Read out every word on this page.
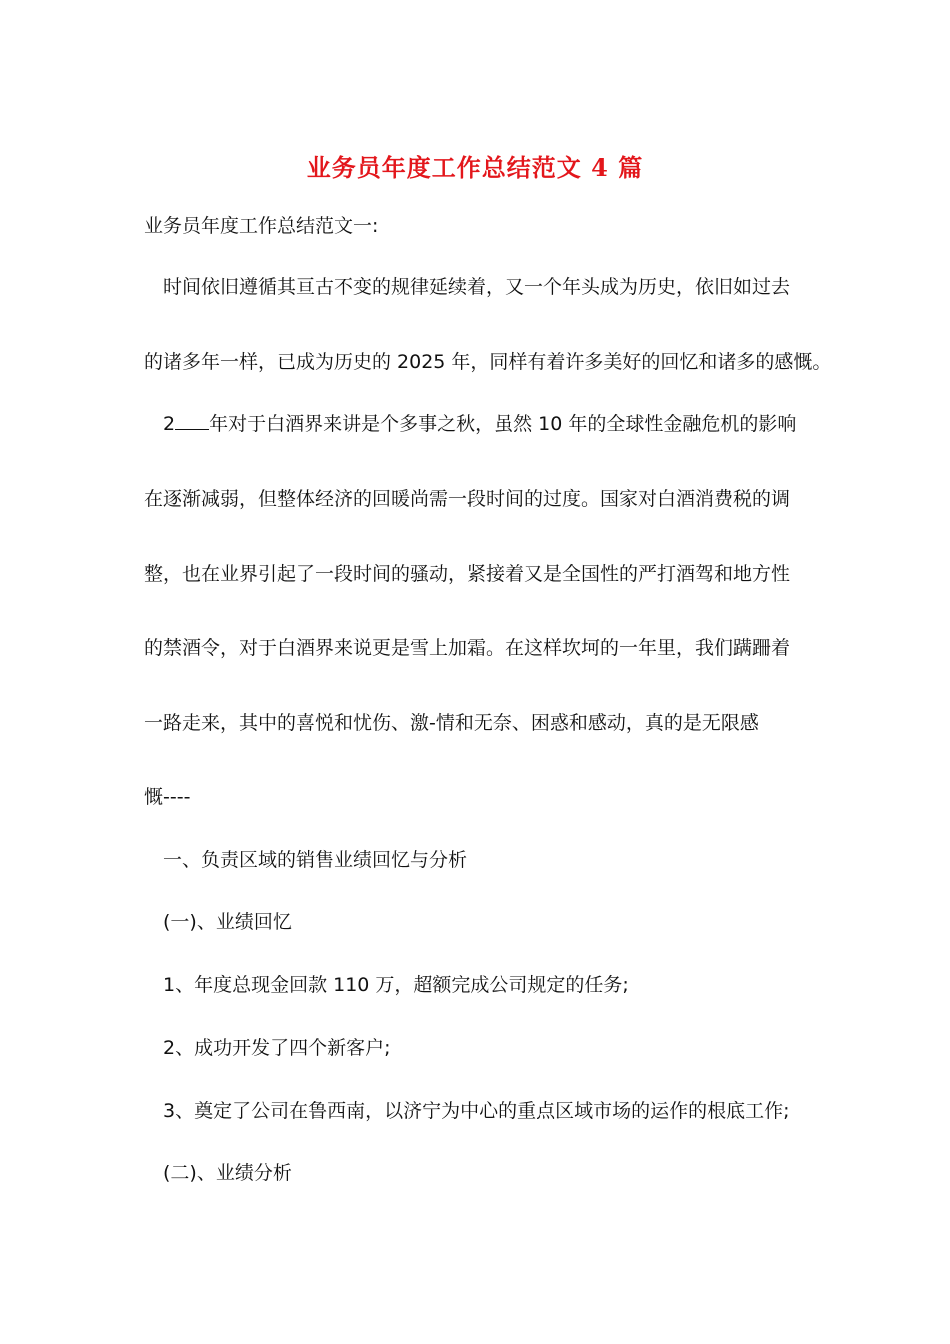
业务员年度工作总结范文 4 篇
业务员年度工作总结范文一:
时间依旧遵循其亘古不变的规律延续着，又一个年头成为历史，依旧如过去
的诸多年一样，已成为历史的 2025 年，同样有着许多美好的回忆和诸多的感慨。
2 年对于白酒界来讲是个多事之秋，虽然 10 年的全球性金融危机的影响
在逐渐减弱，但整体经济的回暖尚需一段时间的过度。国家对白酒消费税的调
整，也在业界引起了一段时间的骚动，紧接着又是全国性的严打酒驾和地方性
的禁酒令，对于白酒界来说更是雪上加霜。在这样坎坷的一年里，我们蹒跚着
一路走来，其中的喜悦和忧伤、激-情和无奈、困惑和感动，真的是无限感
慨----
一、负责区域的销售业绩回忆与分析
(一)、业绩回忆
1、年度总现金回款 110 万，超额完成公司规定的任务;
2、成功开发了四个新客户;
3、奠定了公司在鲁西南，以济宁为中心的重点区域市场的运作的根底工作;
(二)、业绩分析
